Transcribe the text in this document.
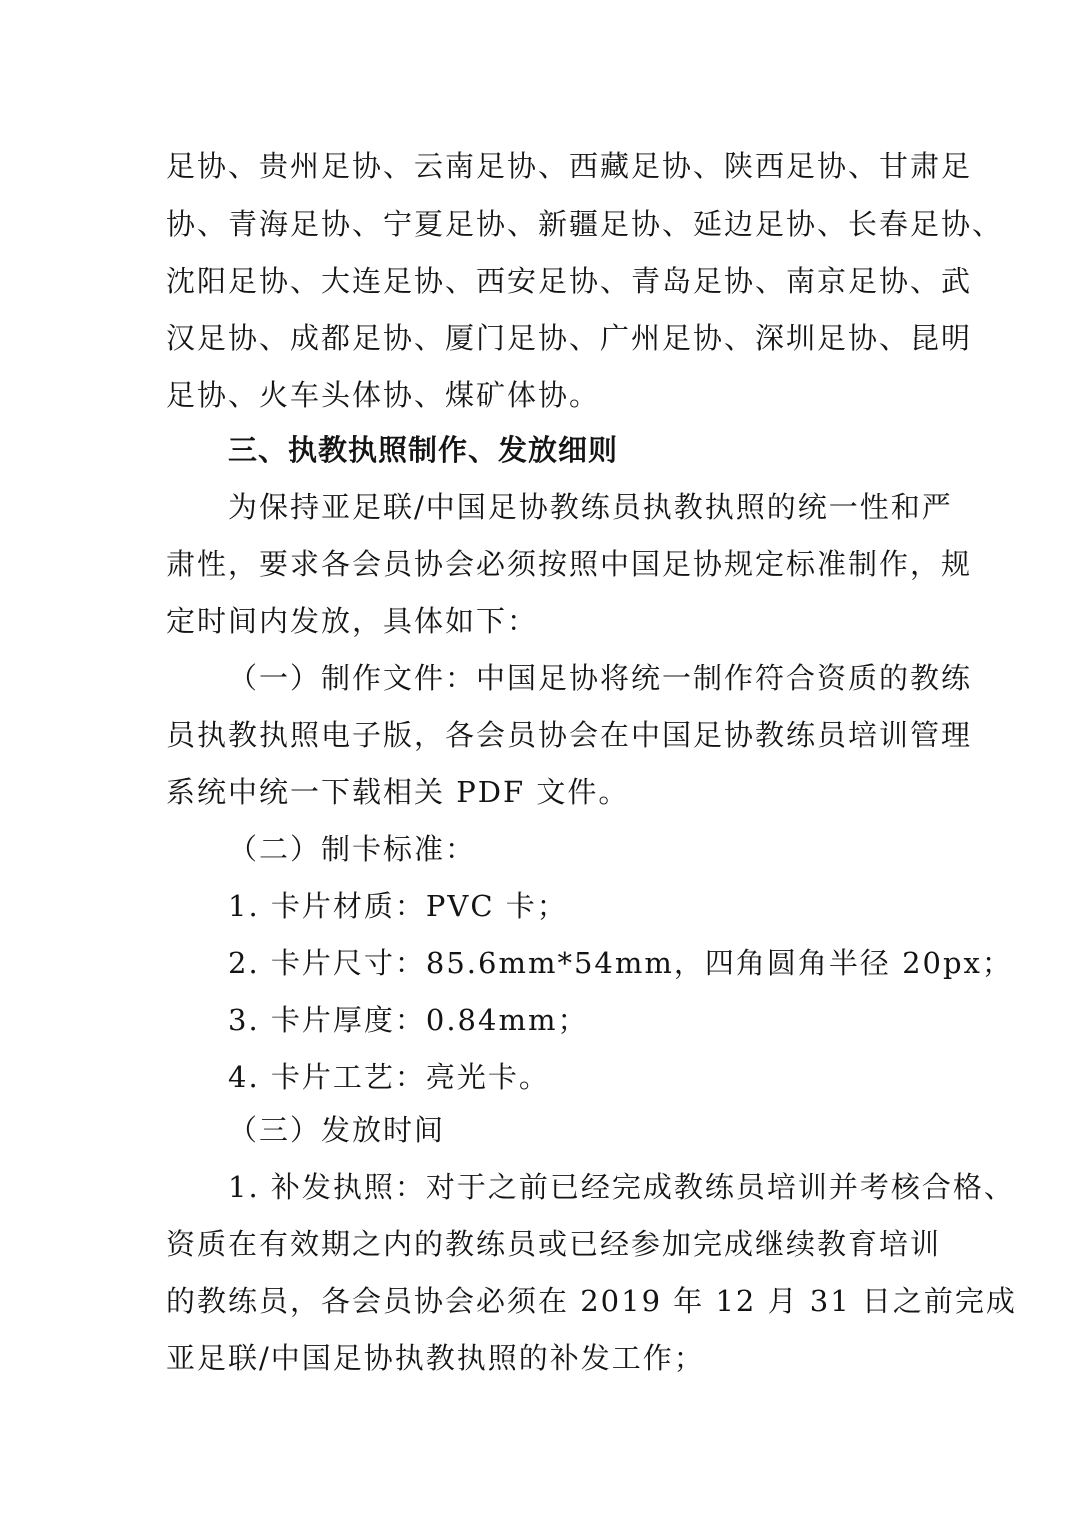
足协、贵州足协、云南足协、西藏足协、陕西足协、甘肃足
协、青海足协、宁夏足协、新疆足协、延边足协、长春足协、
沈阳足协、大连足协、西安足协、青岛足协、南京足协、武
汉足协、成都足协、厦门足协、广州足协、深圳足协、昆明
足协、火车头体协、煤矿体协。
三、执教执照制作、发放细则
为保持亚足联/中国足协教练员执教执照的统一性和严
肃性，要求各会员协会必须按照中国足协规定标准制作，规
定时间内发放，具体如下：
（一）制作文件：中国足协将统一制作符合资质的教练
员执教执照电子版，各会员协会在中国足协教练员培训管理
系统中统一下载相关 PDF 文件。
（二）制卡标准：
1. 卡片材质：PVC 卡；
2. 卡片尺寸：85.6mm*54mm，四角圆角半径 20px；
3. 卡片厚度：0.84mm；
4. 卡片工艺：亮光卡。
（三）发放时间
1. 补发执照：对于之前已经完成教练员培训并考核合格、
资质在有效期之内的教练员或已经参加完成继续教育培训
的教练员，各会员协会必须在 2019 年 12 月 31 日之前完成
亚足联/中国足协执教执照的补发工作；
